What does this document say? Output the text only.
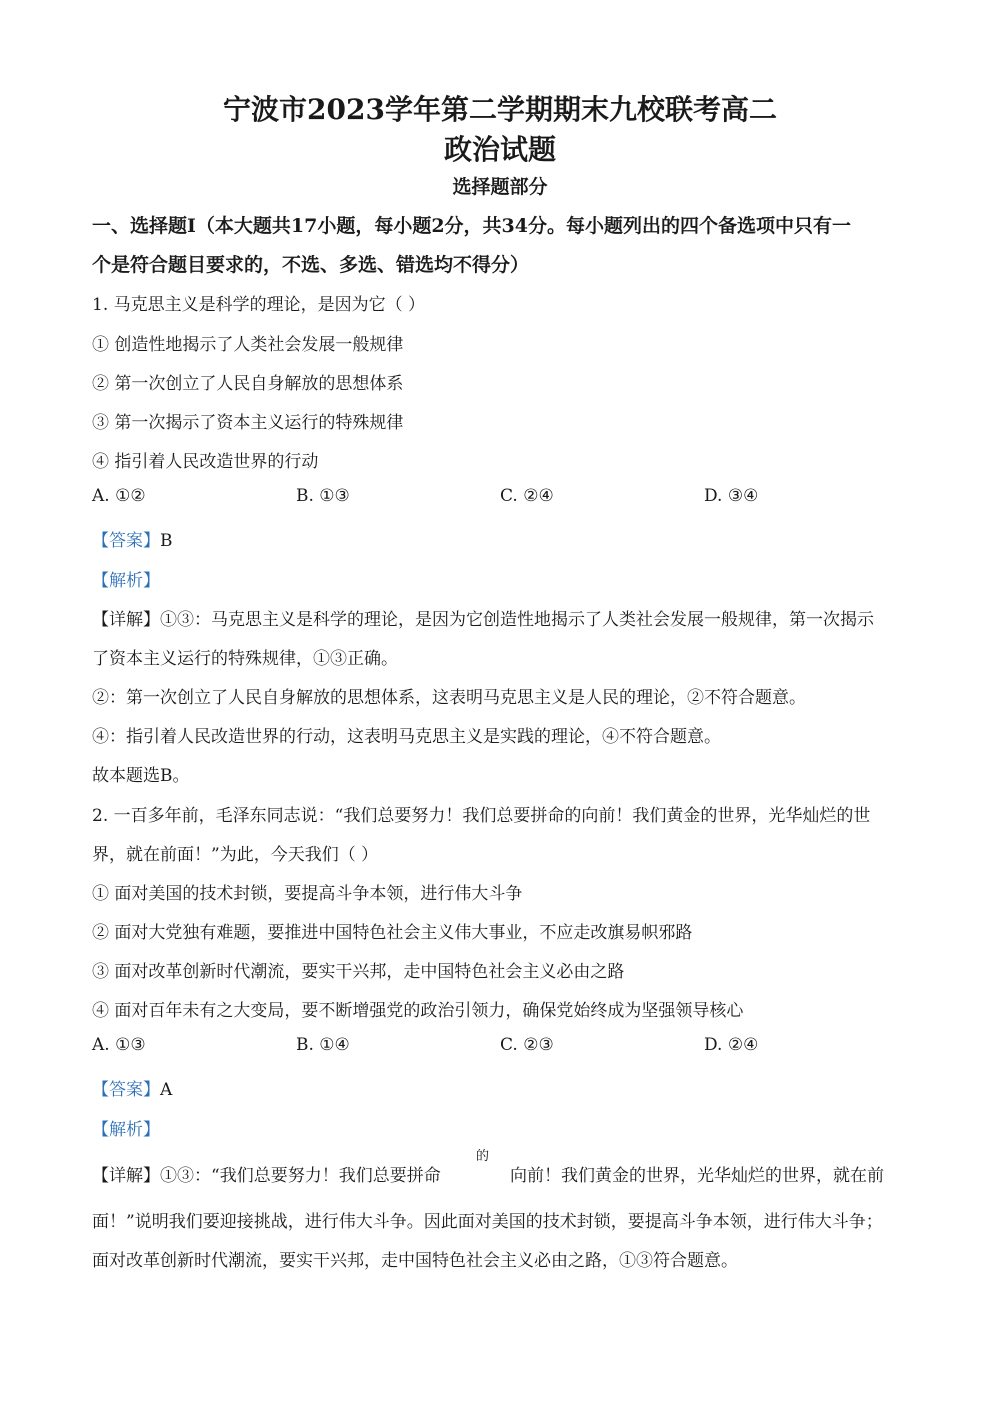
宁波市2023学年第二学期期末九校联考高二
政治试题
选择题部分
一、选择题Ⅰ（本大题共17小题，每小题2分，共34分。每小题列出的四个备选项中只有一
个是符合题目要求的，不选、多选、错选均不得分）
1. 马克思主义是科学的理论，是因为它（ ）
① 创造性地揭示了人类社会发展一般规律
② 第一次创立了人民自身解放的思想体系
③ 第一次揭示了资本主义运行的特殊规律
④ 指引着人民改造世界的行动
A. ①②	B. ①③	C. ②④	D. ③④
【答案】B
【解析】
【详解】①③：马克思主义是科学的理论，是因为它创造性地揭示了人类社会发展一般规律，第一次揭示
了资本主义运行的特殊规律，①③正确。
②：第一次创立了人民自身解放的思想体系，这表明马克思主义是人民的理论，②不符合题意。
④：指引着人民改造世界的行动，这表明马克思主义是实践的理论，④不符合题意。
故本题选B。
2. 一百多年前，毛泽东同志说：“我们总要努力！我们总要拼命的向前！我们黄金的世界，光华灿烂的世
界，就在前面！”为此，今天我们（ ）
① 面对美国的技术封锁，要提高斗争本领，进行伟大斗争
② 面对大党独有难题，要推进中国特色社会主义伟大事业，不应走改旗易帜邪路
③ 面对改革创新时代潮流，要实干兴邦，走中国特色社会主义必由之路
④ 面对百年未有之大变局，要不断增强党的政治引领力，确保党始终成为坚强领导核心
A. ①③	B. ①④	C. ②③	D. ②④
【答案】A
【解析】
的
【详解】①③：“我们总要努力！我们总要拼命	向前！我们黄金的世界，光华灿烂的世界，就在前
面！”说明我们要迎接挑战，进行伟大斗争。因此面对美国的技术封锁，要提高斗争本领，进行伟大斗争；
面对改革创新时代潮流，要实干兴邦，走中国特色社会主义必由之路，①③符合题意。
